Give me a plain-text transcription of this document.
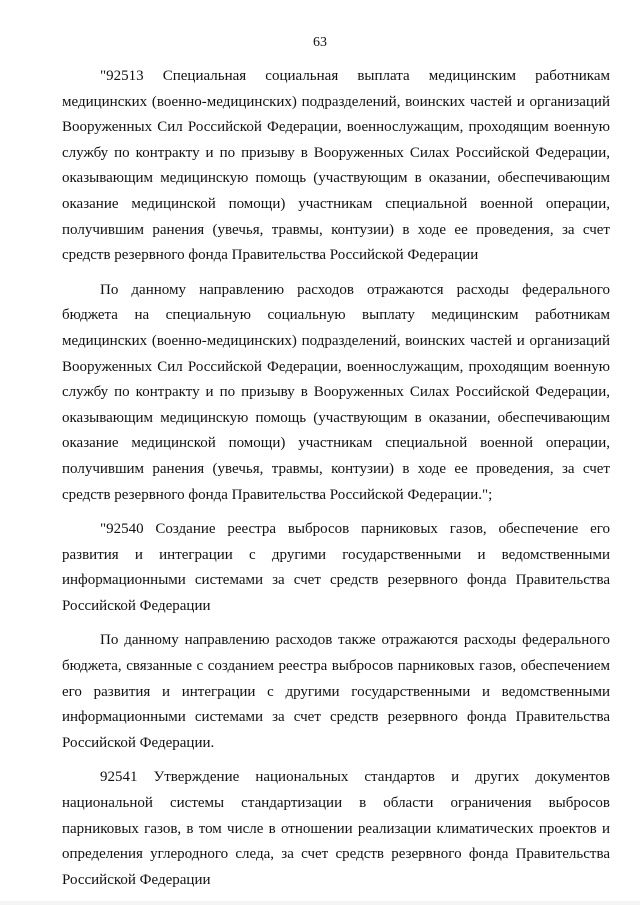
63

"92513 Специальная социальная выплата медицинским работникам медицинских (военно-медицинских) подразделений, воинских частей и организаций Вооруженных Сил Российской Федерации, военнослужащим, проходящим военную службу по контракту и по призыву в Вооруженных Силах Российской Федерации, оказывающим медицинскую помощь (участвующим в оказании, обеспечивающим оказание медицинской помощи) участникам специальной военной операции, получившим ранения (увечья, травмы, контузии) в ходе ее проведения, за счет средств резервного фонда Правительства Российской Федерации

По данному направлению расходов отражаются расходы федерального бюджета на специальную социальную выплату медицинским работникам медицинских (военно-медицинских) подразделений, воинских частей и организаций Вооруженных Сил Российской Федерации, военнослужащим, проходящим военную службу по контракту и по призыву в Вооруженных Силах Российской Федерации, оказывающим медицинскую помощь (участвующим в оказании, обеспечивающим оказание медицинской помощи) участникам специальной военной операции, получившим ранения (увечья, травмы, контузии) в ходе ее проведения, за счет средств резервного фонда Правительства Российской Федерации.";

"92540 Создание реестра выбросов парниковых газов, обеспечение его развития и интеграции с другими государственными и ведомственными информационными системами за счет средств резервного фонда Правительства Российской Федерации

По данному направлению расходов также отражаются расходы федерального бюджета, связанные с созданием реестра выбросов парниковых газов, обеспечением его развития и интеграции с другими государственными и ведомственными информационными системами за счет средств резервного фонда Правительства Российской Федерации.

92541 Утверждение национальных стандартов и других документов национальной системы стандартизации в области ограничения выбросов парниковых газов, в том числе в отношении реализации климатических проектов и определения углеродного следа, за счет средств резервного фонда Правительства Российской Федерации
